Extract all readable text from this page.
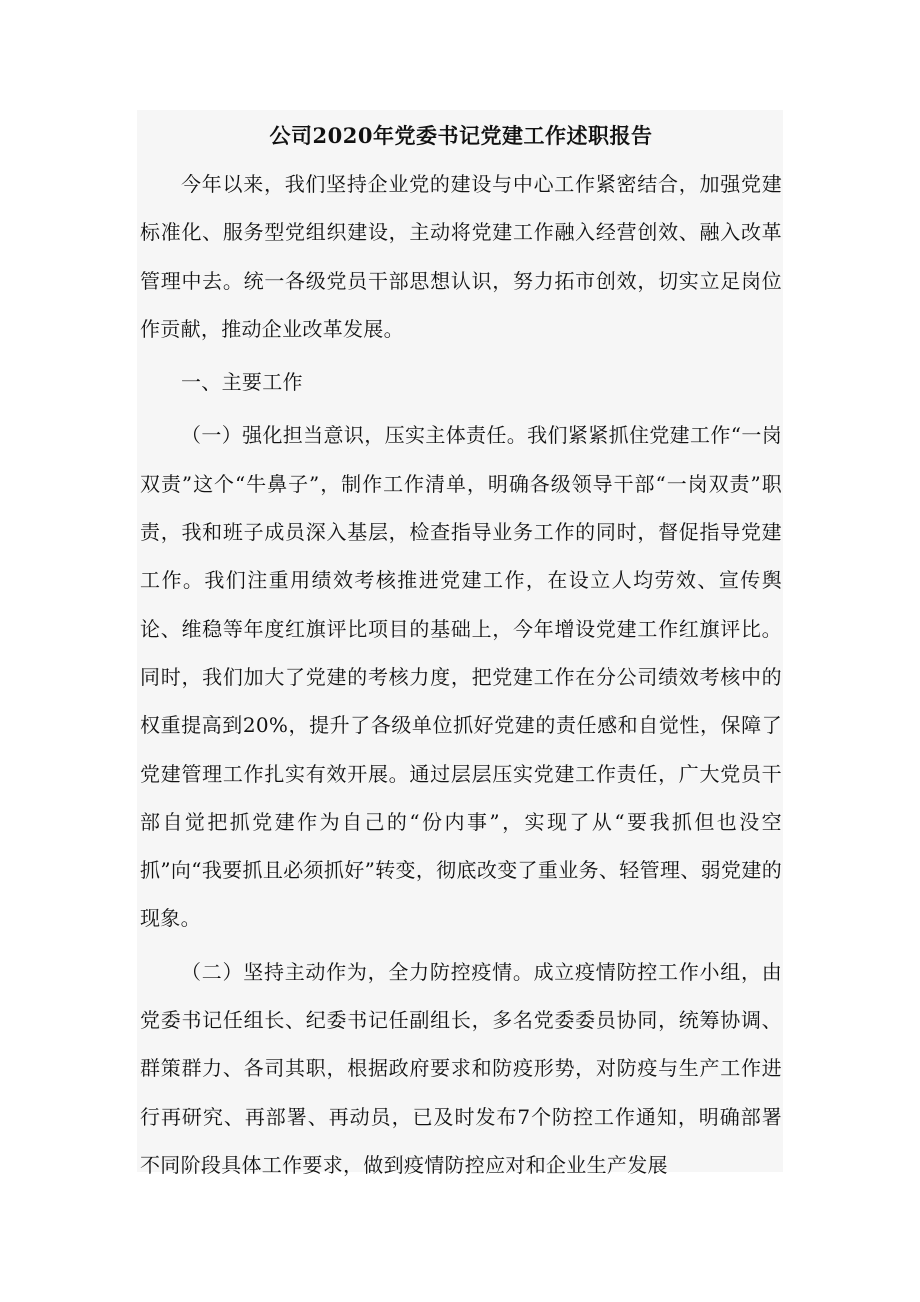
公司2020年党委书记党建工作述职报告

今年以来，我们坚持企业党的建设与中心工作紧密结合，加强党建标准化、服务型党组织建设，主动将党建工作融入经营创效、融入改革管理中去。统一各级党员干部思想认识，努力拓市创效，切实立足岗位作贡献，推动企业改革发展。

一、主要工作

（一）强化担当意识，压实主体责任。我们紧紧抓住党建工作“一岗双责”这个“牛鼻子”，制作工作清单，明确各级领导干部“一岗双责”职责，我和班子成员深入基层，检查指导业务工作的同时，督促指导党建工作。我们注重用绩效考核推进党建工作，在设立人均劳效、宣传舆论、维稳等年度红旗评比项目的基础上，今年增设党建工作红旗评比。同时，我们加大了党建的考核力度，把党建工作在分公司绩效考核中的权重提高到20%，提升了各级单位抓好党建的责任感和自觉性，保障了党建管理工作扎实有效开展。通过层层压实党建工作责任，广大党员干部自觉把抓党建作为自己的“份内事”，实现了从“要我抓但也没空抓”向“我要抓且必须抓好”转变，彻底改变了重业务、轻管理、弱党建的现象。

（二）坚持主动作为，全力防控疫情。成立疫情防控工作小组，由党委书记任组长、纪委书记任副组长，多名党委委员协同，统筹协调、群策群力、各司其职，根据政府要求和防疫形势，对防疫与生产工作进行再研究、再部署、再动员，已及时发布7个防控工作通知，明确部署不同阶段具体工作要求，做到疫情防控应对和企业生产发展
